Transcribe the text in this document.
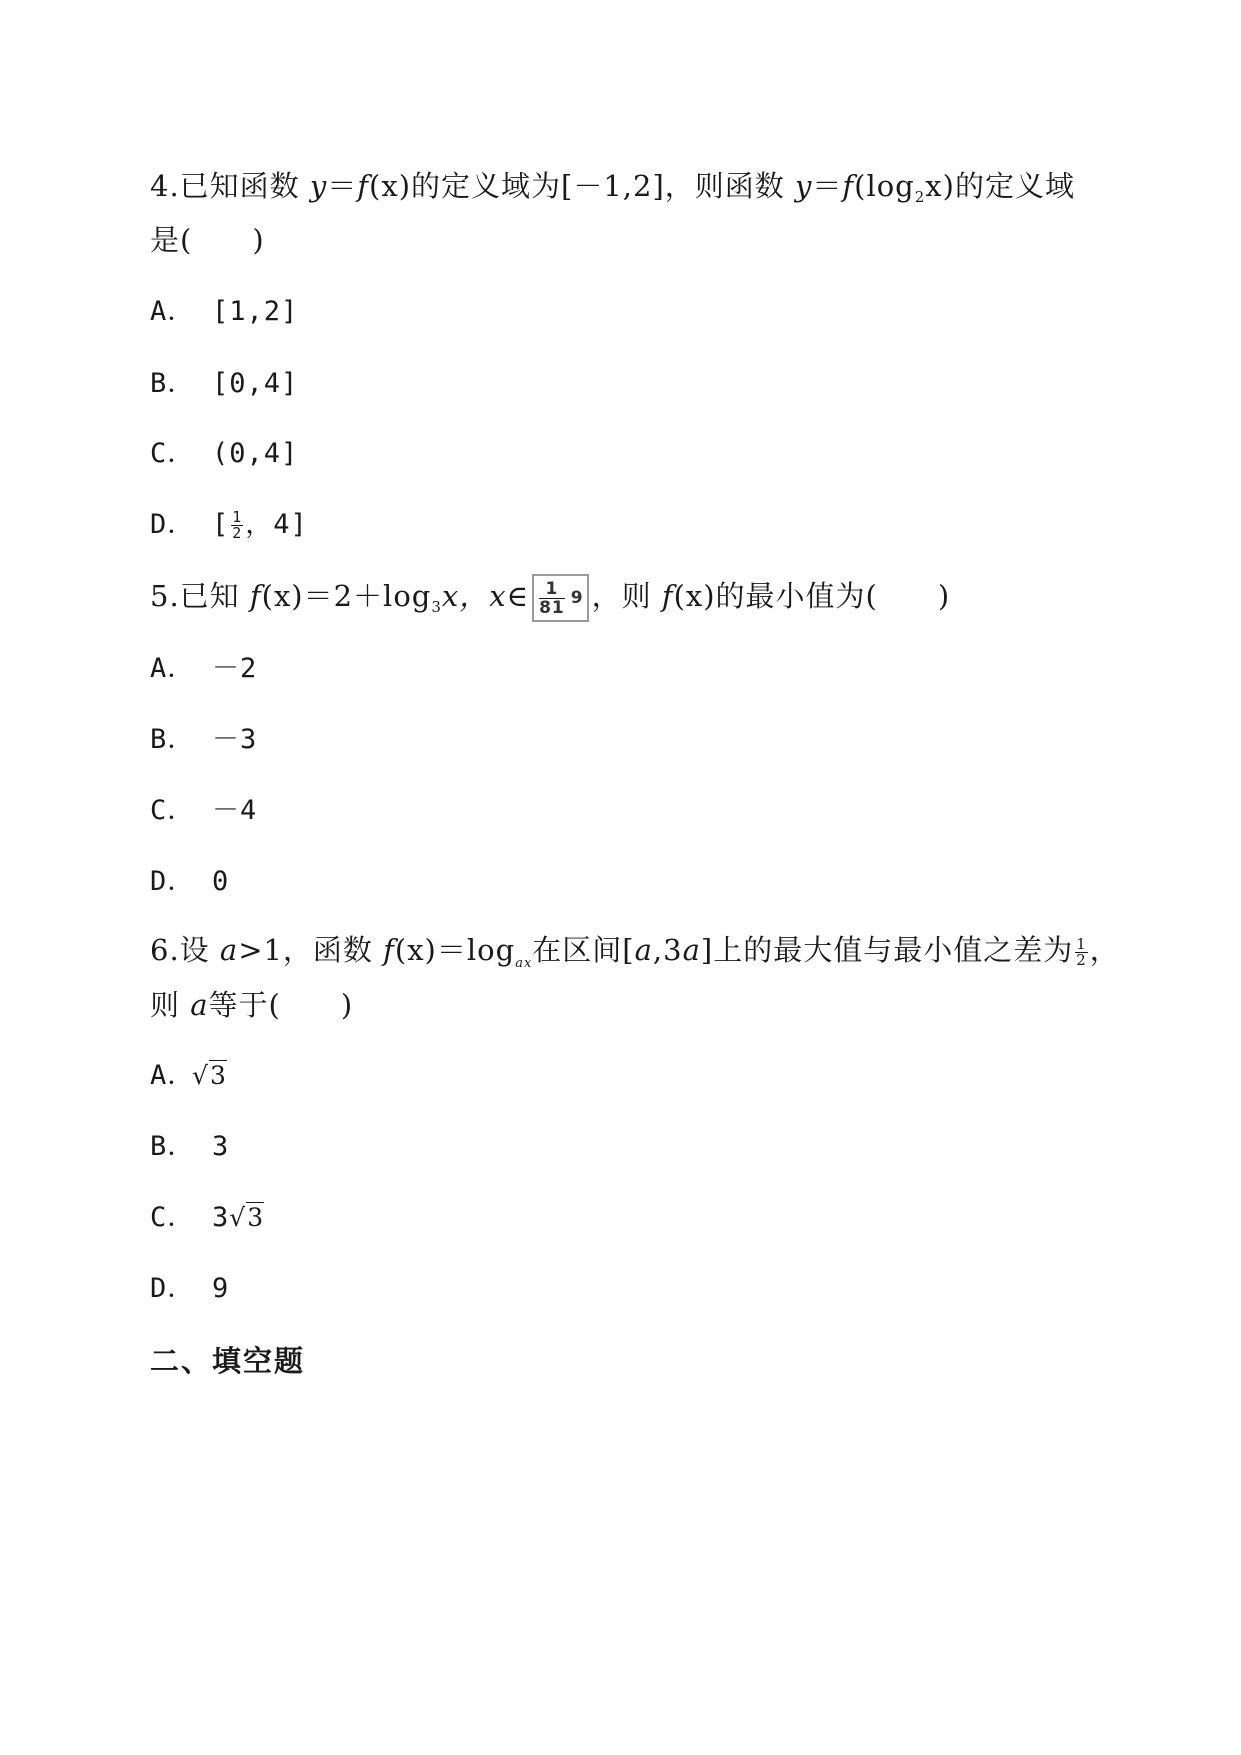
4.已知函数 y＝f(x)的定义域为[－1,2]，则函数 $y=f(\log_2x)$的定义域
是(　　)
A． [1,2]
B． [0,4]
C． (0,4]
D． [ $\frac{1}{2}$ ，4]
5.已知 $f(x)=2+\log_3x$，x∈ $\frac{1}{81} 9$ ，则 f(x)的最小值为(　　)
A． －2
B． －3
C． －4
D． 0
6.设 a>1，函数 $f(x)=\log_{ax}$在区间[a,3a]上的最大值与最小值之差为 $\frac{1}{2}$ ，
则 a等于(　　)
A．√3
B． 3
C． 3√3
D． 9
二、填空题
